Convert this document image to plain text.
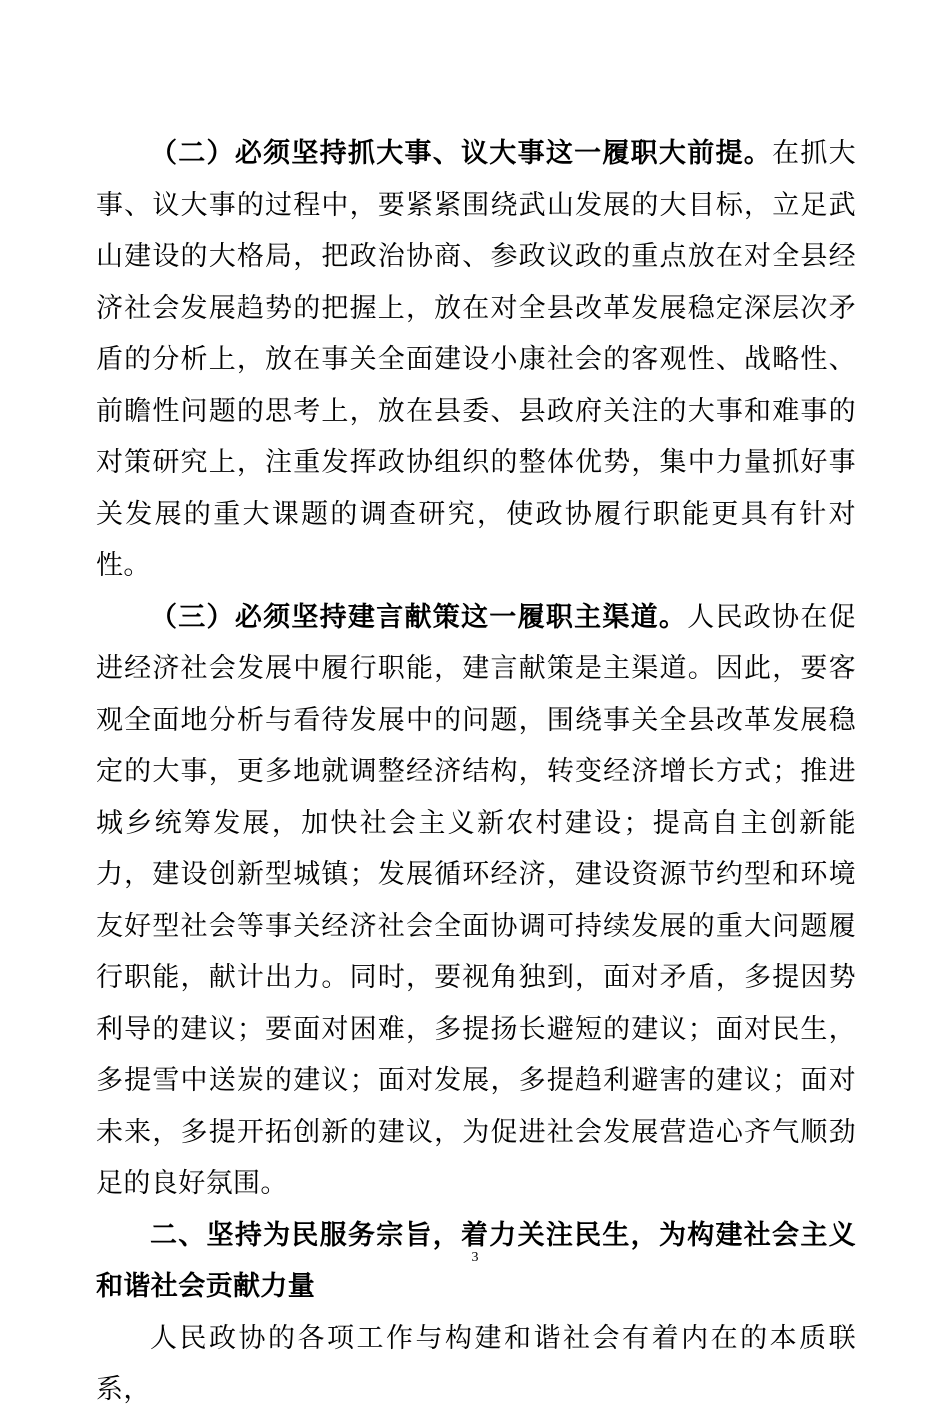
（二）必须坚持抓大事、议大事这一履职大前提。在抓大事、议大事的过程中，要紧紧围绕武山发展的大目标，立足武山建设的大格局，把政治协商、参政议政的重点放在对全县经济社会发展趋势的把握上，放在对全县改革发展稳定深层次矛盾的分析上，放在事关全面建设小康社会的客观性、战略性、前瞻性问题的思考上，放在县委、县政府关注的大事和难事的对策研究上，注重发挥政协组织的整体优势，集中力量抓好事关发展的重大课题的调查研究，使政协履行职能更具有针对性。

（三）必须坚持建言献策这一履职主渠道。人民政协在促进经济社会发展中履行职能，建言献策是主渠道。因此，要客观全面地分析与看待发展中的问题，围绕事关全县改革发展稳定的大事，更多地就调整经济结构，转变经济增长方式；推进城乡统筹发展，加快社会主义新农村建设；提高自主创新能力，建设创新型城镇；发展循环经济，建设资源节约型和环境友好型社会等事关经济社会全面协调可持续发展的重大问题履行职能，献计出力。同时，要视角独到，面对矛盾，多提因势利导的建议；要面对困难，多提扬长避短的建议；面对民生，多提雪中送炭的建议；面对发展，多提趋利避害的建议；面对未来，多提开拓创新的建议，为促进社会发展营造心齐气顺劲足的良好氛围。

二、坚持为民服务宗旨，着力关注民生，为构建社会主义和谐社会贡献力量

人民政协的各项工作与构建和谐社会有着内在的本质联系，

3
